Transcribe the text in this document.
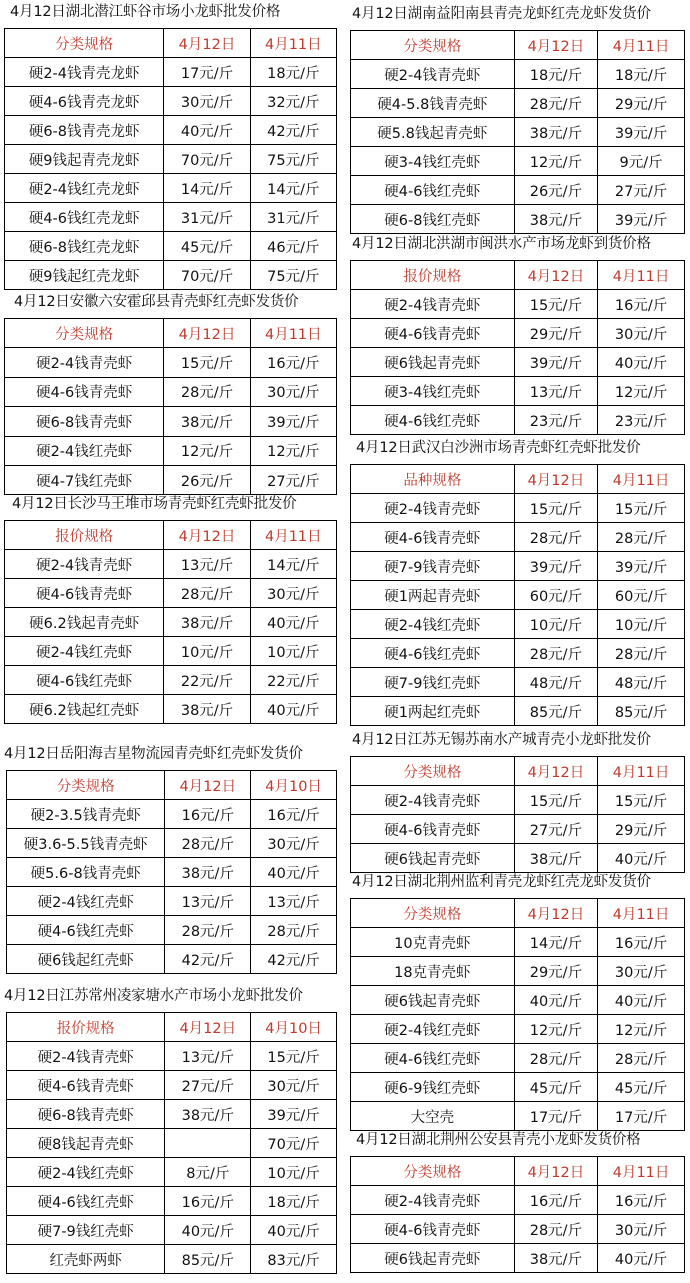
4月12日湖北潜江虾谷市场小龙虾批发价格
分类规格	4月12日	4月11日
硬2-4钱青壳龙虾	17元/斤	18元/斤
硬4-6钱青壳龙虾	30元/斤	32元/斤
硬6-8钱青壳龙虾	40元/斤	42元/斤
硬9钱起青壳龙虾	70元/斤	75元/斤
硬2-4钱红壳龙虾	14元/斤	14元/斤
硬4-6钱红壳龙虾	31元/斤	31元/斤
硬6-8钱红壳龙虾	45元/斤	46元/斤
硬9钱起红壳龙虾	70元/斤	75元/斤
4月12日安徽六安霍邱县青壳虾红壳虾发货价
分类规格	4月12日	4月11日
硬2-4钱青壳虾	15元/斤	16元/斤
硬4-6钱青壳虾	28元/斤	30元/斤
硬6-8钱青壳虾	38元/斤	39元/斤
硬2-4钱红壳虾	12元/斤	12元/斤
硬4-7钱红壳虾	26元/斤	27元/斤
4月12日长沙马王堆市场青壳虾红壳虾批发价
报价规格	4月12日	4月11日
硬2-4钱青壳虾	13元/斤	14元/斤
硬4-6钱青壳虾	28元/斤	30元/斤
硬6.2钱起青壳虾	38元/斤	40元/斤
硬2-4钱红壳虾	10元/斤	10元/斤
硬4-6钱红壳虾	22元/斤	22元/斤
硬6.2钱起红壳虾	38元/斤	40元/斤
4月12日岳阳海吉星物流园青壳虾红壳虾发货价
分类规格	4月12日	4月10日
硬2-3.5钱青壳虾	16元/斤	16元/斤
硬3.6-5.5钱青壳虾	28元/斤	30元/斤
硬5.6-8钱青壳虾	38元/斤	40元/斤
硬2-4钱红壳虾	13元/斤	13元/斤
硬4-6钱红壳虾	28元/斤	28元/斤
硬6钱起红壳虾	42元/斤	42元/斤
4月12日江苏常州凌家塘水产市场小龙虾批发价
报价规格	4月12日	4月10日
硬2-4钱青壳虾	13元/斤	15元/斤
硬4-6钱青壳虾	27元/斤	30元/斤
硬6-8钱青壳虾	38元/斤	39元/斤
硬8钱起青壳虾		70元/斤
硬2-4钱红壳虾	8元/斤	10元/斤
硬4-6钱红壳虾	16元/斤	18元/斤
硬7-9钱红壳虾	40元/斤	40元/斤
红壳虾两虾	85元/斤	83元/斤
4月12日湖南益阳南县青壳龙虾红壳龙虾发货价
分类规格	4月12日	4月11日
硬2-4钱青壳虾	18元/斤	18元/斤
硬4-5.8钱青壳虾	28元/斤	29元/斤
硬5.8钱起青壳虾	38元/斤	39元/斤
硬3-4钱红壳虾	12元/斤	9元/斤
硬4-6钱红壳虾	26元/斤	27元/斤
硬6-8钱红壳虾	38元/斤	39元/斤
4月12日湖北洪湖市闽洪水产市场龙虾到货价格
报价规格	4月12日	4月11日
硬2-4钱青壳虾	15元/斤	16元/斤
硬4-6钱青壳虾	29元/斤	30元/斤
硬6钱起青壳虾	39元/斤	40元/斤
硬3-4钱红壳虾	13元/斤	12元/斤
硬4-6钱红壳虾	23元/斤	23元/斤
4月12日武汉白沙洲市场青壳虾红壳虾批发价
品种规格	4月12日	4月11日
硬2-4钱青壳虾	15元/斤	15元/斤
硬4-6钱青壳虾	28元/斤	28元/斤
硬7-9钱青壳虾	39元/斤	39元/斤
硬1两起青壳虾	60元/斤	60元/斤
硬2-4钱红壳虾	10元/斤	10元/斤
硬4-6钱红壳虾	28元/斤	28元/斤
硬7-9钱红壳虾	48元/斤	48元/斤
硬1两起红壳虾	85元/斤	85元/斤
4月12日江苏无锡苏南水产城青壳小龙虾批发价
分类规格	4月12日	4月11日
硬2-4钱青壳虾	15元/斤	15元/斤
硬4-6钱青壳虾	27元/斤	29元/斤
硬6钱起青壳虾	38元/斤	40元/斤
4月12日湖北荆州监利青壳龙虾红壳龙虾发货价
分类规格	4月12日	4月11日
10克青壳虾	14元/斤	16元/斤
18克青壳虾	29元/斤	30元/斤
硬6钱起青壳虾	40元/斤	40元/斤
硬2-4钱红壳虾	12元/斤	12元/斤
硬4-6钱红壳虾	28元/斤	28元/斤
硬6-9钱红壳虾	45元/斤	45元/斤
大空壳	17元/斤	17元/斤
4月12日湖北荆州公安县青壳小龙虾发货价格
分类规格	4月12日	4月11日
硬2-4钱青壳虾	16元/斤	16元/斤
硬4-6钱青壳虾	28元/斤	30元/斤
硬6钱起青壳虾	38元/斤	40元/斤
